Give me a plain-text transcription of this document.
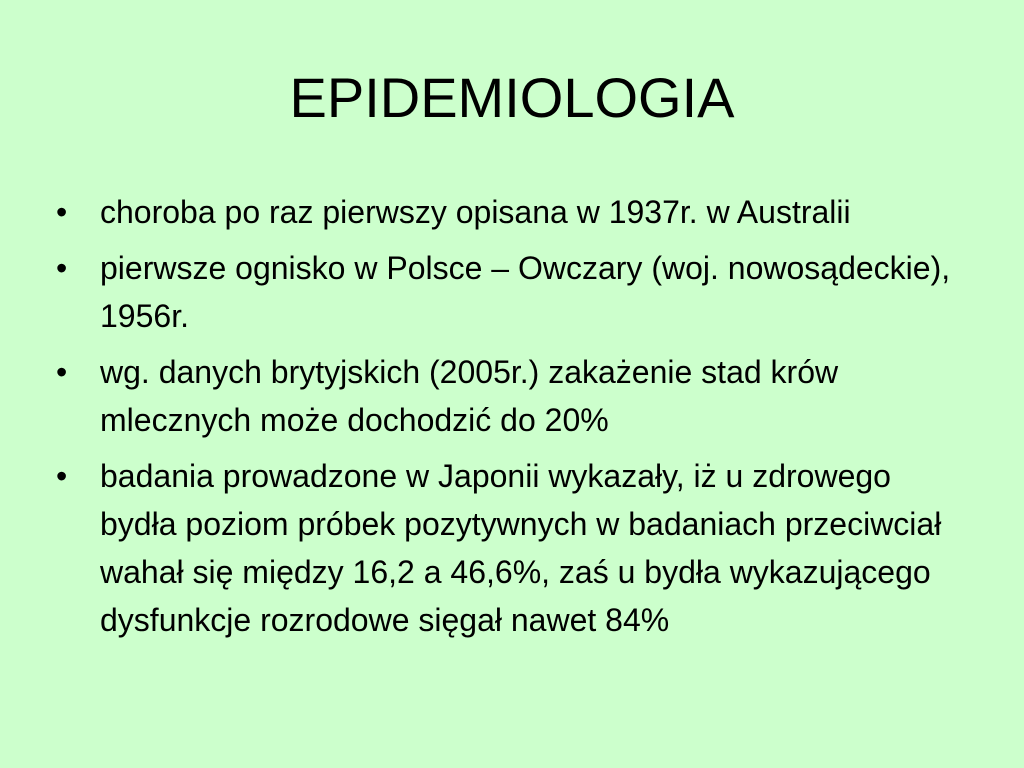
EPIDEMIOLOGIA
•	choroba po raz pierwszy opisana w 1937r. w Australii
•	pierwsze ognisko w Polsce – Owczary (woj. nowosądeckie), 1956r.
•	wg. danych brytyjskich (2005r.) zakażenie stad krów mlecznych może dochodzić do 20%
•	badania prowadzone w Japonii wykazały, iż u zdrowego bydła poziom próbek pozytywnych w badaniach przeciwciał wahał się między 16,2 a 46,6%, zaś u bydła wykazującego dysfunkcje rozrodowe sięgał nawet 84%
